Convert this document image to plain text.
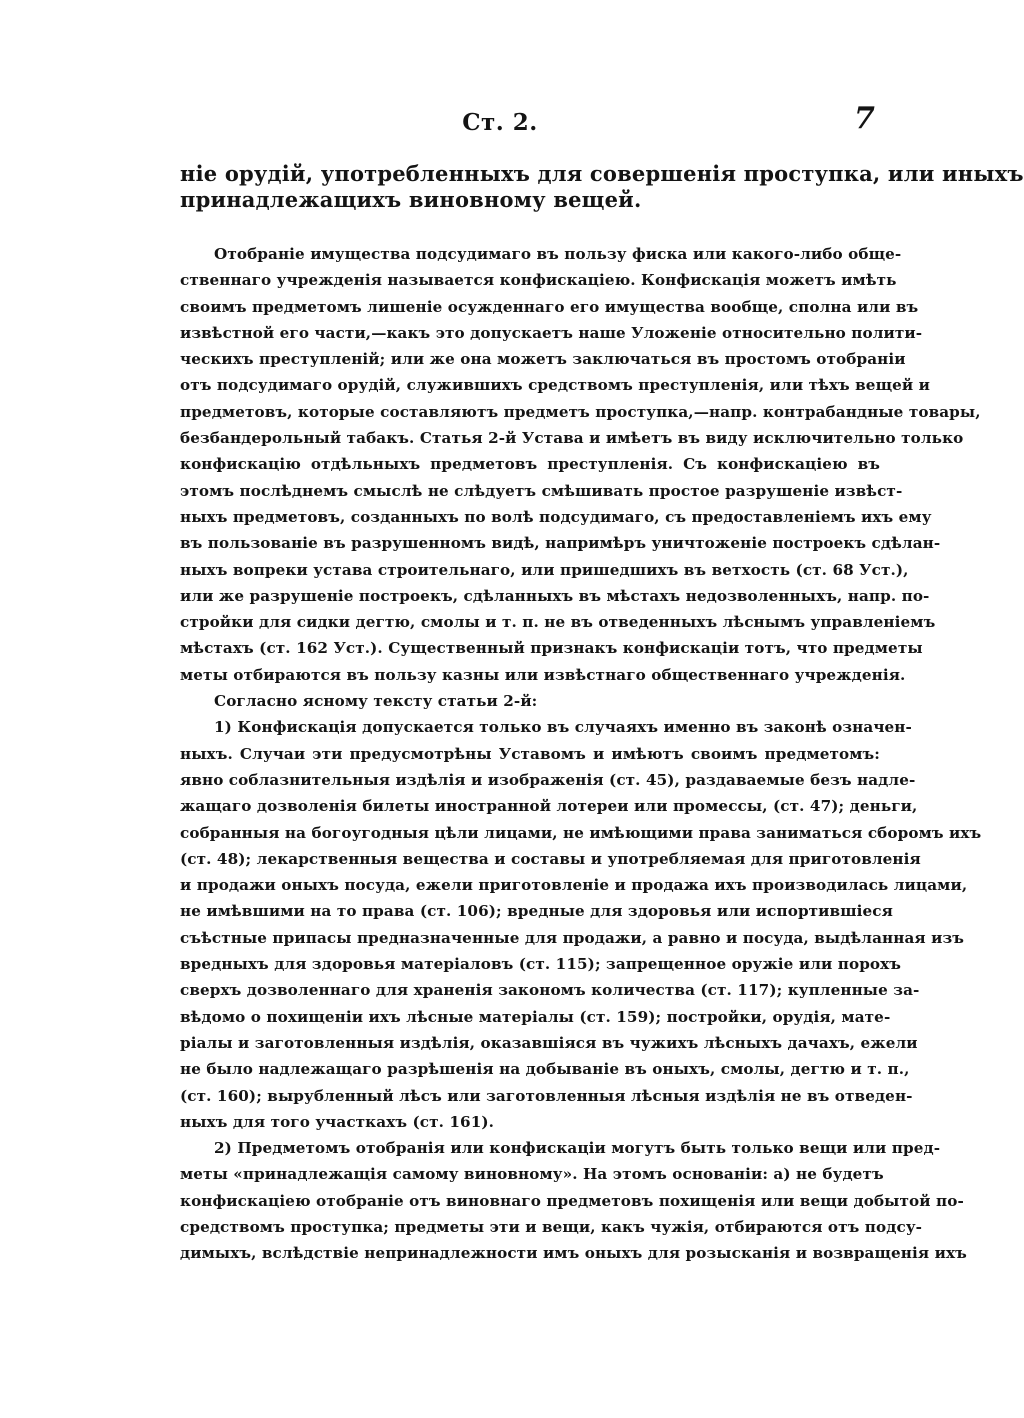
Ст. 2.	7
ніе орудій, употребленныхъ для совершенія проступка, или иныхъ
принадлежащихъ виновному вещей.
Отобраніе имущества подсудимаго въ пользу фиска или какого-либо обще-
ственнаго учрежденія называется конфискаціею. Конфискація можетъ имѣть
своимъ предметомъ лишеніе осужденнаго его имущества вообще, сполна или въ
извѣстной его части,—какъ это допускаетъ наше Уложеніе относительно полити-
ческихъ преступленій; или же она можетъ заключаться въ простомъ отобраніи
отъ подсудимаго орудій, служившихъ средствомъ преступленія, или тѣхъ вещей и
предметовъ, которые составляютъ предметъ проступка,—напр. контрабандные товары,
безбандерольный табакъ. Статья 2-й Устава и имѣетъ въ виду исключительно только
конфискацію отдѣльныхъ предметовъ преступленія. Съ конфискаціею въ
этомъ послѣднемъ смыслѣ не слѣдуетъ смѣшивать простое разрушеніе извѣст-
ныхъ предметовъ, созданныхъ по волѣ подсудимаго, съ предоставленіемъ ихъ ему
въ пользованіе въ разрушенномъ видѣ, напримѣръ уничтоженіе построекъ сдѣлан-
ныхъ вопреки устава строительнаго, или пришедшихъ въ ветхость (ст. 68 Уст.),
или же разрушеніе построекъ, сдѣланныхъ въ мѣстахъ недозволенныхъ, напр. по-
стройки для сидки дегтю, смолы и т. п. не въ отведенныхъ лѣснымъ управленіемъ
мѣстахъ (ст. 162 Уст.). Существенный признакъ конфискаціи тотъ, что предметы
меты отбираются въ пользу казны или извѣстнаго общественнаго учрежденія.
Согласно ясному тексту статьи 2-й:
1) Конфискація допускается только въ случаяхъ именно въ законѣ означен-
ныхъ. Случаи эти предусмотрѣны Уставомъ и имѣютъ своимъ предметомъ:
явно соблазнительныя издѣлія и изображенія (ст. 45), раздаваемые безъ надле-
жащаго дозволенія билеты иностранной лотереи или промессы, (ст. 47); деньги,
собранныя на богоугодныя цѣли лицами, не имѣющими права заниматься сборомъ ихъ
(ст. 48); лекарственныя вещества и составы и употребляемая для приготовленія
и продажи оныхъ посуда, ежели приготовленіе и продажа ихъ производилась лицами,
не имѣвшими на то права (ст. 106); вредные для здоровья или испортившіеся
съѣстные припасы предназначенные для продажи, а равно и посуда, выдѣланная изъ
вредныхъ для здоровья матеріаловъ (ст. 115); запрещенное оружіе или порохъ
сверхъ дозволеннаго для храненія закономъ количества (ст. 117); купленные за-
вѣдомо о похищеніи ихъ лѣсные матеріалы (ст. 159); постройки, орудія, мате-
ріалы и заготовленныя издѣлія, оказавшіяся въ чужихъ лѣсныхъ дачахъ, ежели
не было надлежащаго разрѣшенія на добываніе въ оныхъ, смолы, дегтю и т. п.,
(ст. 160); вырубленный лѣсъ или заготовленныя лѣсныя издѣлія не въ отведен-
ныхъ для того участкахъ (ст. 161).
2) Предметомъ отобранія или конфискаціи могутъ быть только вещи или пред-
меты «принадлежащія самому виновному». На этомъ основаніи: а) не будетъ
конфискаціею отобраніе отъ виновнаго предметовъ похищенія или вещи добытой по-
средствомъ проступка; предметы эти и вещи, какъ чужія, отбираются отъ подсу-
димыхъ, вслѣдствіе непринадлежности имъ оныхъ для розысканія и возвращенія ихъ
